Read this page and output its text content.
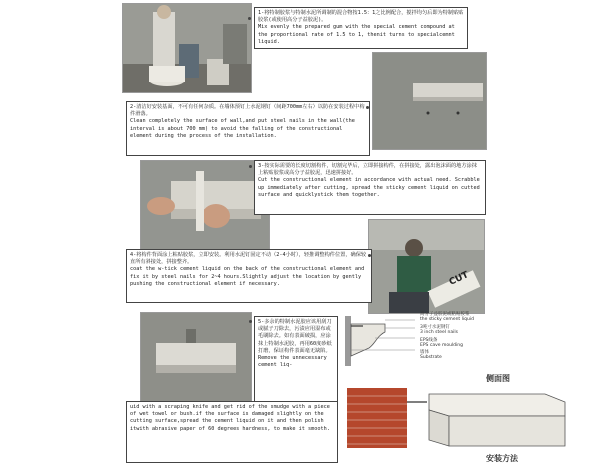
1-将特制胶浆与特制水泥所调制的混合物按1.5：1之比例配合，搅拌均匀后即为特制贴贴胶浆(或使用高分子益胶泥)。

Mix evenly the prepared gum with the special cement compound at the proportional rate of 1.5 to 1, thenit turns to specialcemnt liquid.

2-清洁好安装基面，不可有任何杂质。在墙体预钉上水泥钢钉（间距700mm左右）以防在安装过程中构件滑落。

Clean completely the surface of wall,and put steel nails in the wall(the interval is about 700 mm) to avoid the falling of the constructional element during the process of the installation.

3-按实际需要的长度切割构件，切割完毕后，立即拼接构件，在拼接处，露出泡沫面的地方涂抹上粘贴胶浆或高分子益胶泥，迅速拼接好。

Cut the constructional element in accordance with actual need. Scrabble up immediately after cutting, spread the sticky cement liquid on cutted surface and quicklystick them together.

CUT

4-将构件背面涂上粘贴胶浆，立即安装。利用水泥钉固定不动（2-4小时），轻推调整构件位置，确保较直所有斜接处，拼接整齐。

coat the w-tick cement liquid on the back of the constructional element and fix it by steel nails for 2~4 hours.Slightly adjust the location by gently pushing the constructional element if necessary.

5-多余的特制水泥胶应该用刮刀或腻子刀除去，污渍应用湿布或毛刷除去。如有表面破损，应涂抹上特制水泥胶，再用60度砂纸打磨，保证构件表面毫无缺陷。

Remove the unnecessary cement liq-

uid with a scraping knife and get rid of the smudge with a piece of wet towel or bush.if the surface is damaged slightly on the cutting surface,spread the cement liquid on it and then polish itwith abrasive paper of 60 degrees hardness, to make it smooth.

高分子益胶泥或粘贴胶浆
the sticky cement liquid
3吨寸水泥钢钉
3 inch steel nails
EPS线条
EPS cave moulding
墙体
Substrate
侧面图
安装方法
